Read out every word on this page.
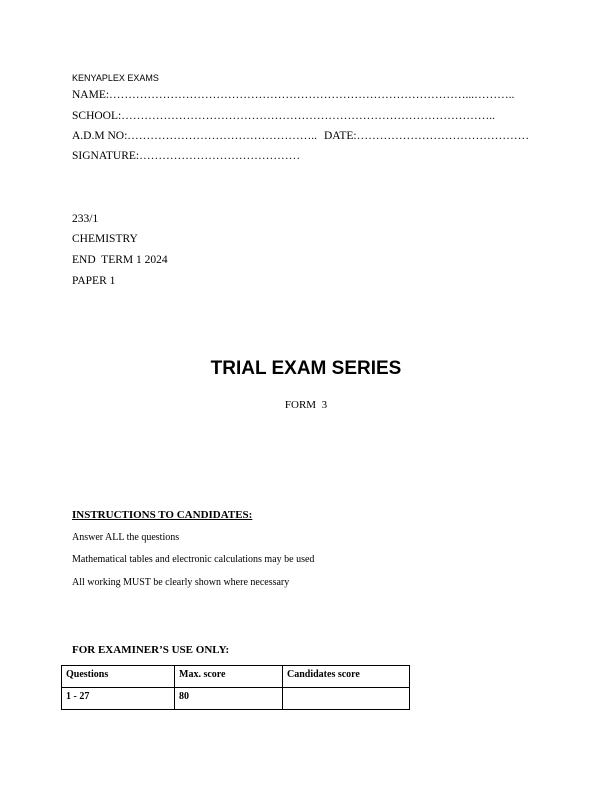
KENYAPLEX EXAMS
NAME:…………………………………………………………………………………...………..
SCHOOL:……………………………………………………………………………………..
A.D.M NO:………………………………………….. DATE:………………………………………
SIGNATURE:……………………………………
233/1
CHEMISTRY
END  TERM 1 2024
PAPER 1
TRIAL EXAM SERIES
FORM  3
INSTRUCTIONS TO CANDIDATES:
Answer ALL the questions
Mathematical tables and electronic calculations may be used
All working MUST be clearly shown where necessary
FOR EXAMINER’S USE ONLY:
Questions	Max. score	Candidates score
1 - 27	80	
